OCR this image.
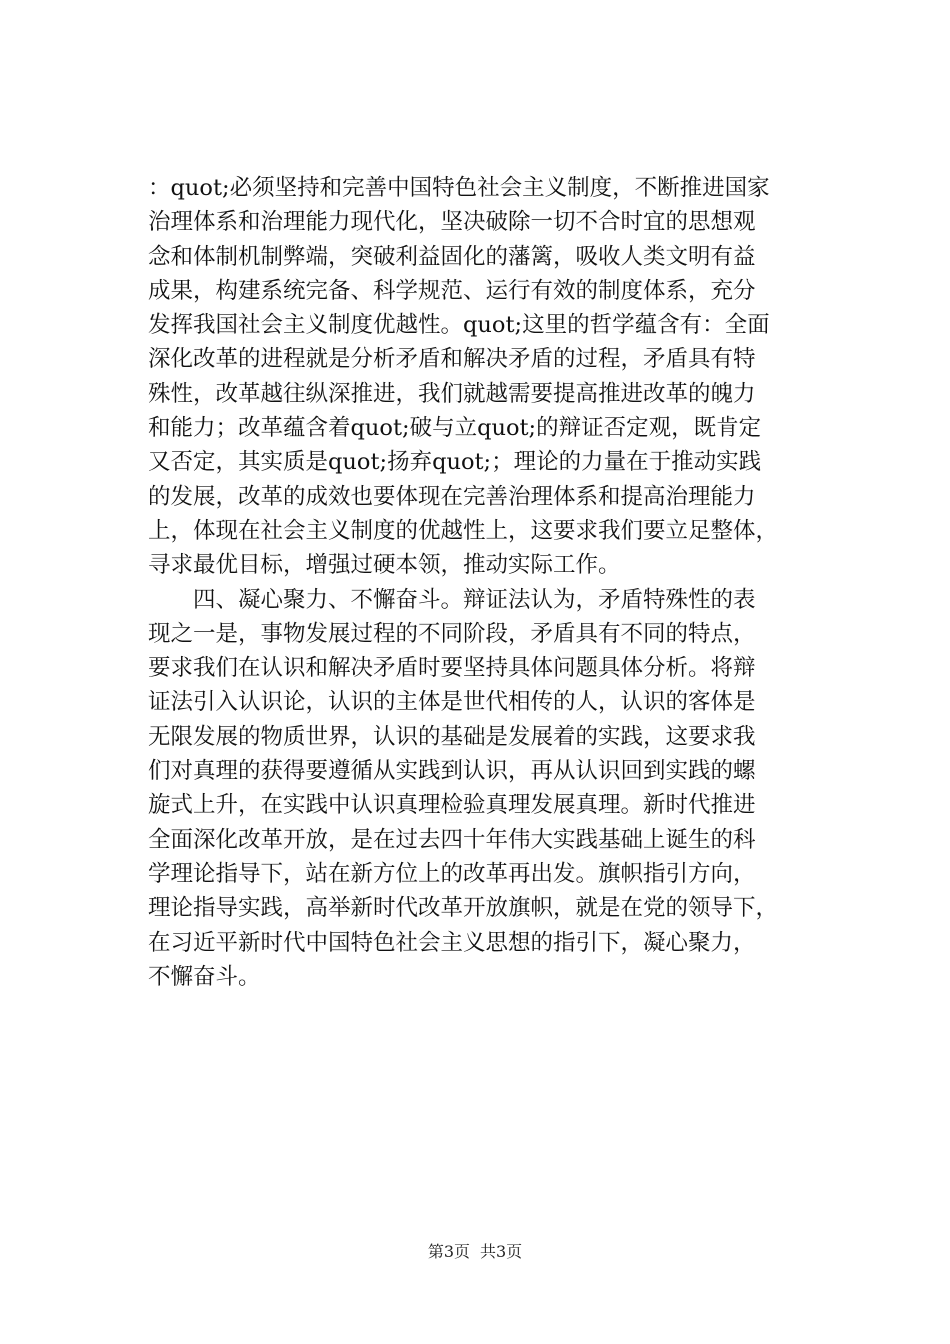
：quot;必须坚持和完善中国特色社会主义制度，不断推进国家
治理体系和治理能力现代化，坚决破除一切不合时宜的思想观
念和体制机制弊端，突破利益固化的藩篱，吸收人类文明有益
成果，构建系统完备、科学规范、运行有效的制度体系，充分
发挥我国社会主义制度优越性。quot;这里的哲学蕴含有：全面
深化改革的进程就是分析矛盾和解决矛盾的过程，矛盾具有特
殊性，改革越往纵深推进，我们就越需要提高推进改革的魄力
和能力；改革蕴含着quot;破与立quot;的辩证否定观，既肯定
又否定，其实质是quot;扬弃quot;；理论的力量在于推动实践
的发展，改革的成效也要体现在完善治理体系和提高治理能力
上，体现在社会主义制度的优越性上，这要求我们要立足整体，
寻求最优目标，增强过硬本领，推动实际工作。
　　四、凝心聚力、不懈奋斗。辩证法认为，矛盾特殊性的表
现之一是，事物发展过程的不同阶段，矛盾具有不同的特点，
要求我们在认识和解决矛盾时要坚持具体问题具体分析。将辩
证法引入认识论，认识的主体是世代相传的人，认识的客体是
无限发展的物质世界，认识的基础是发展着的实践，这要求我
们对真理的获得要遵循从实践到认识，再从认识回到实践的螺
旋式上升，在实践中认识真理检验真理发展真理。新时代推进
全面深化改革开放，是在过去四十年伟大实践基础上诞生的科
学理论指导下，站在新方位上的改革再出发。旗帜指引方向，
理论指导实践，高举新时代改革开放旗帜，就是在党的领导下，
在习近平新时代中国特色社会主义思想的指引下，凝心聚力，
不懈奋斗。
第3页 共3页
